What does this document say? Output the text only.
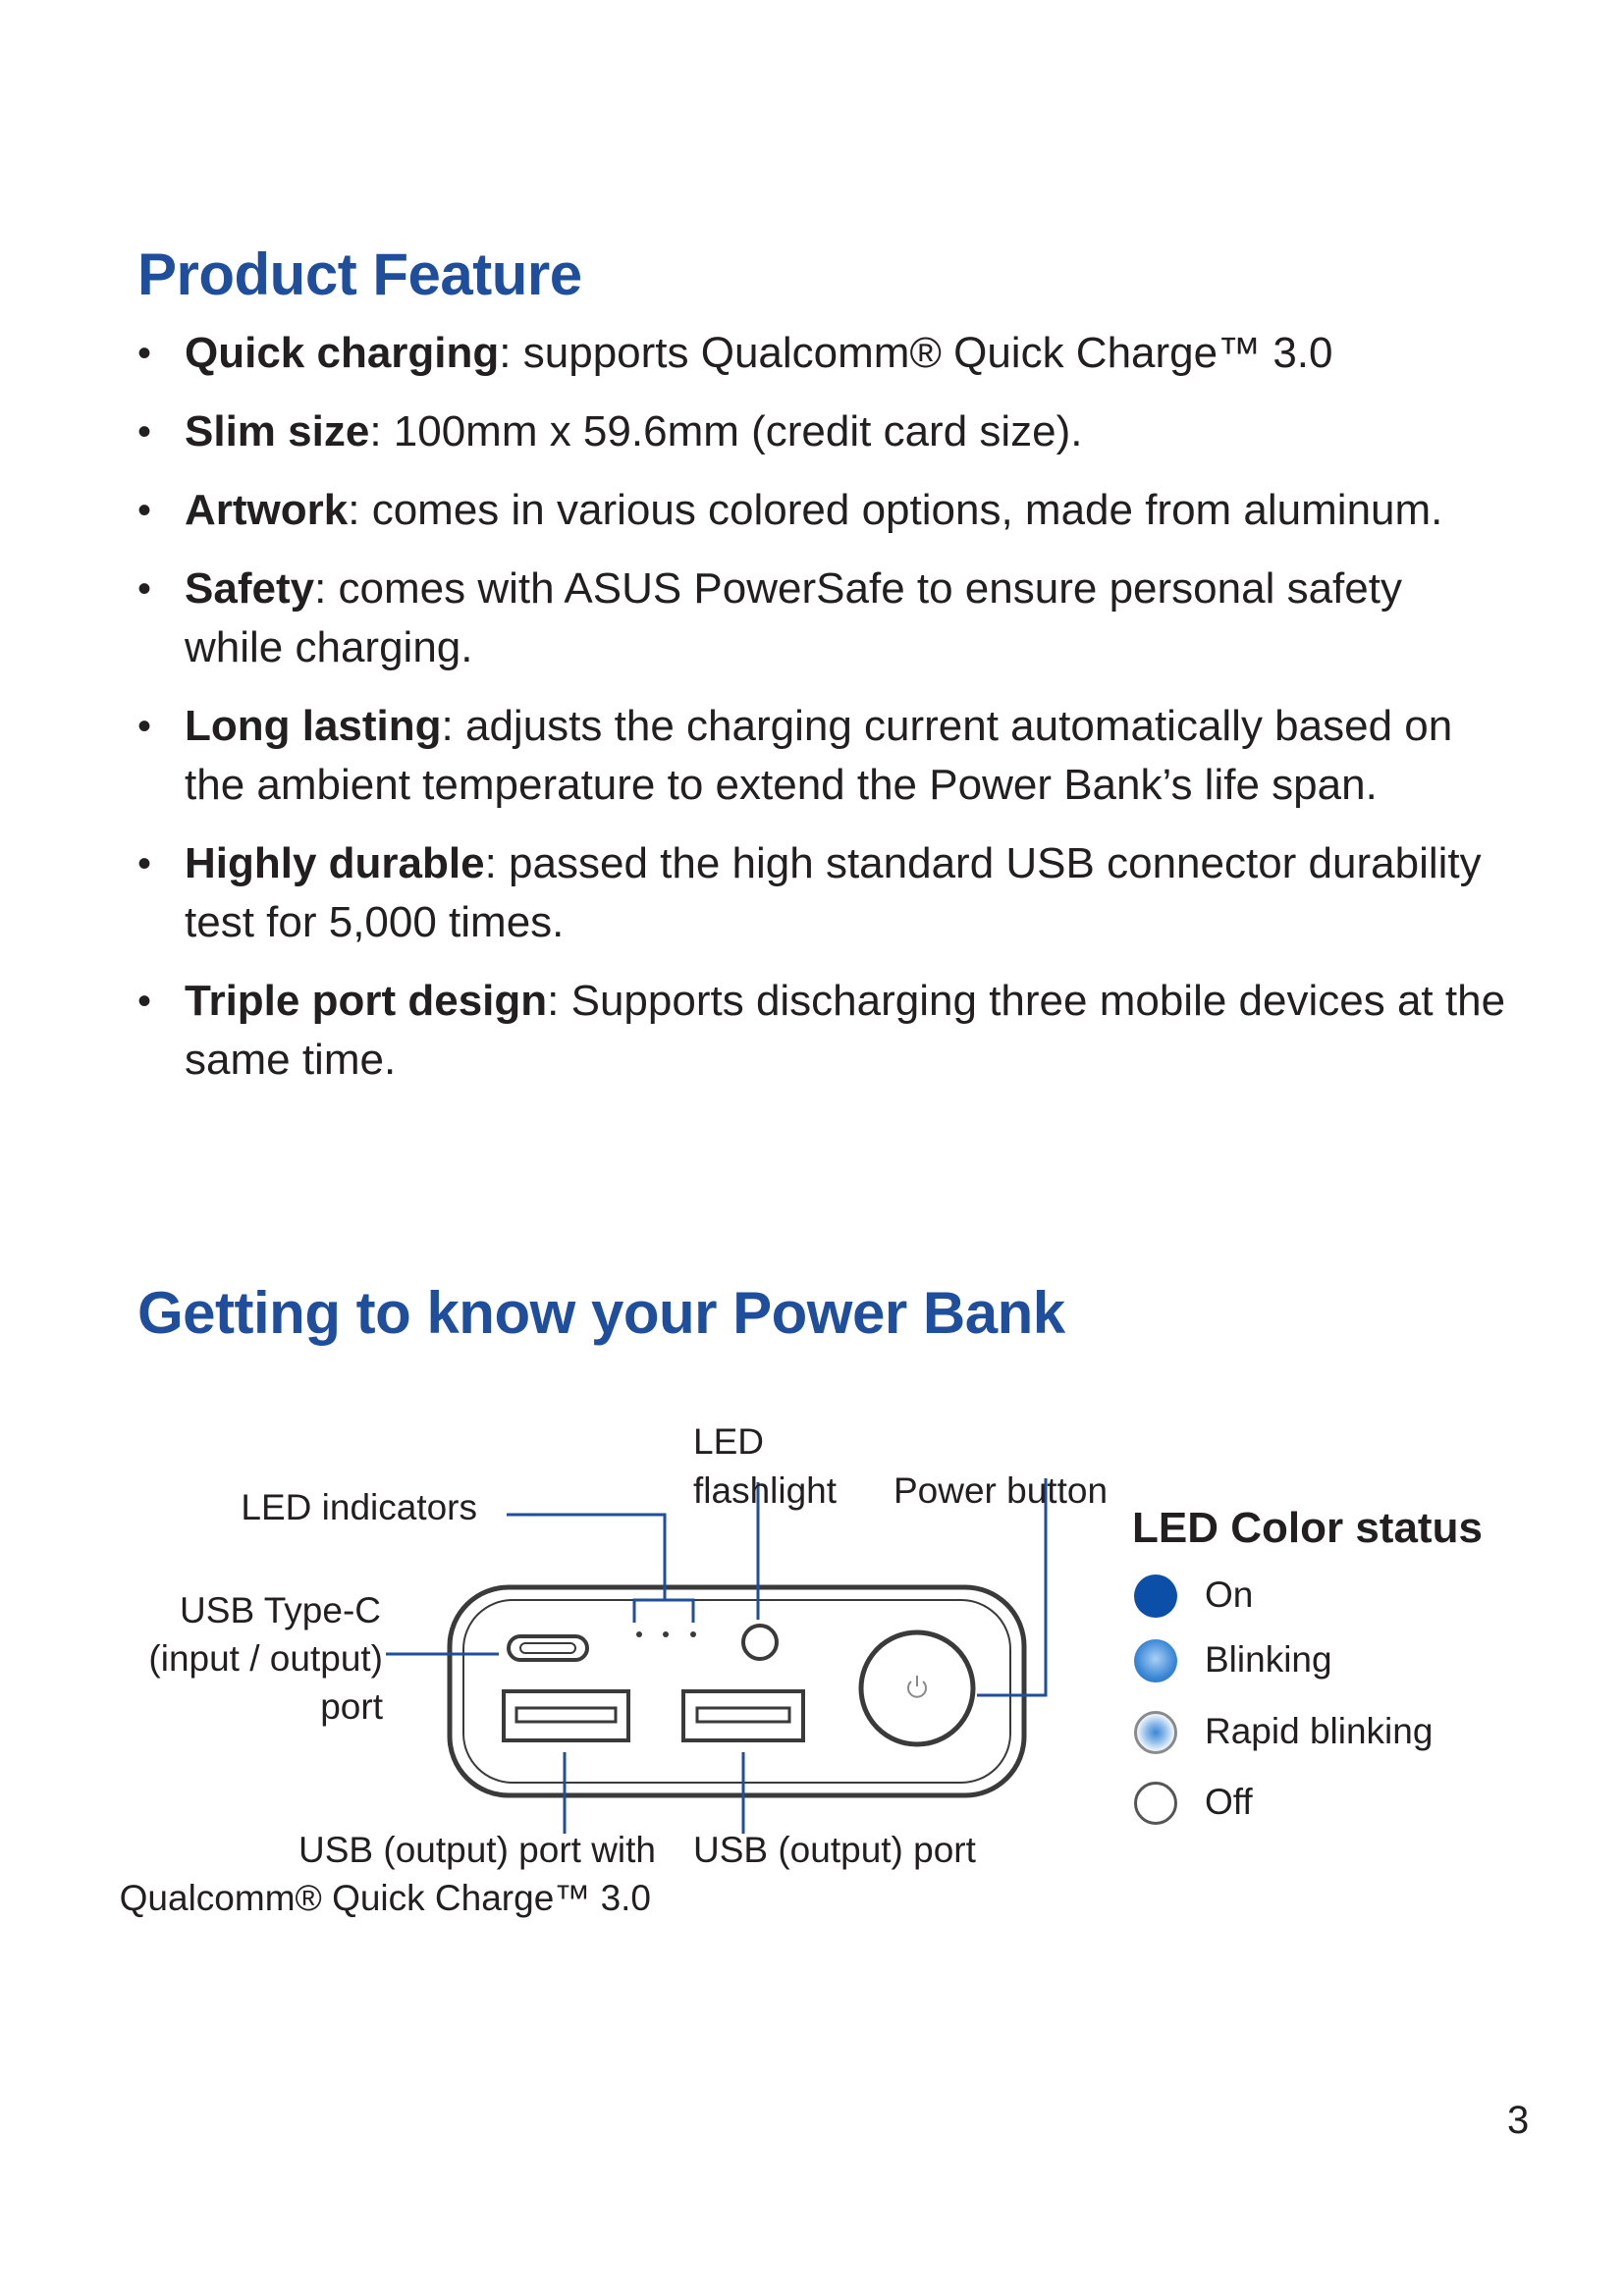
Product Feature
• Quick charging: supports Qualcomm® Quick Charge™ 3.0
• Slim size: 100mm x 59.6mm (credit card size).
• Artwork: comes in various colored options, made from aluminum.
• Safety: comes with ASUS PowerSafe to ensure personal safety while charging.
• Long lasting: adjusts the charging current automatically based on the ambient temperature to extend the Power Bank’s life span.
• Highly durable: passed the high standard USB connector durability test for 5,000 times.
• Triple port design: Supports discharging three mobile devices at the same time.
Getting to know your Power Bank
LED indicators
LED
flashlight Power button
USB Type-C
(input / output)
port
USB (output) port with
Qualcomm® Quick Charge™ 3.0
USB (output) port
LED Color status
On
Blinking
Rapid blinking
Off
3
